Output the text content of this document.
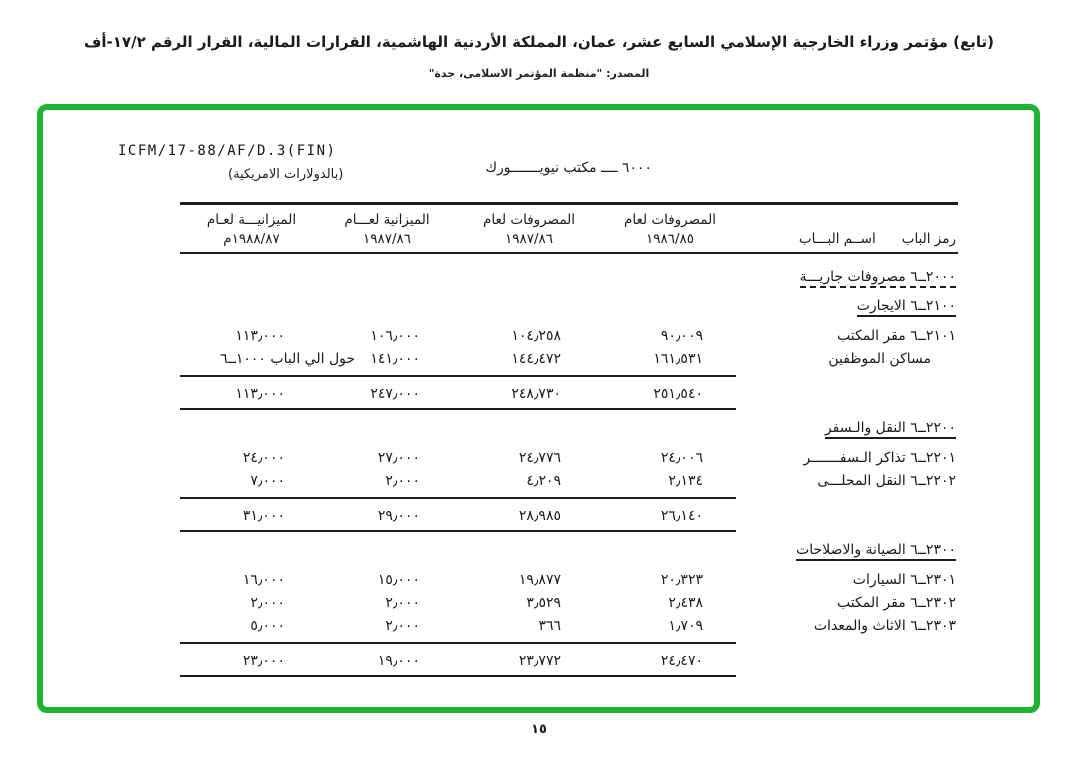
(تابع) مؤتمر وزراء الخارجية الإسلامي السابع عشر، عمان، المملكة الأردنية الهاشمية، القرارات المالية، القرار الرقم ١٧/٢-أف
المصدر: "منظمة المؤتمر الاسلامى، جدة"
ICFM/17-88/AF/D.3(FIN)
(بالدولارات الامريكية)	٦٠٠٠ ــــ مكتب نيويـــــــورك
رمز الباب
اســم البـــاب
المصروفات لعام
١٩٨٦/٨٥
المصروفات لعام
١٩٨٧/٨٦
الميزانية لعـــام
١٩٨٧/٨٦
الميزانيـــة لعـام
١٩٨٨/٨٧م
٢٠٠٠ــ٦ مصروفات جاريـــة
٢١٠٠ــ٦ الايجارت
٢١٠١ــ٦ مقر المكتب
٩٠٫٠٠٩
١٠٤٫٢٥٨
١٠٦٫٠٠٠
١١٣٫٠٠٠
مساكن الموظفين
١٦١٫٥٣١
١٤٤٫٤٧٢
١٤١٫٠٠٠
حول الي الباب ١٠٠٠ــ٦
٢٥١٫٥٤٠
٢٤٨٫٧٣٠
٢٤٧٫٠٠٠
١١٣٫٠٠٠
٢٢٠٠ــ٦ النقل والـسفر
٢٢٠١ــ٦ تذاكر الـسفـــــــر
٢٤٫٠٠٦
٢٤٫٧٧٦
٢٧٫٠٠٠
٢٤٫٠٠٠
٢٢٠٢ــ٦ النقل المحلـــى
٢٫١٣٤
٤٫٢٠٩
٢٫٠٠٠
٧٫٠٠٠
٢٦٫١٤٠
٢٨٫٩٨٥
٢٩٫٠٠٠
٣١٫٠٠٠
٢٣٠٠ــ٦ الصيانة والاصلاحات
٢٣٠١ــ٦ السيارات
٢٠٫٣٢٣
١٩٫٨٧٧
١٥٫٠٠٠
١٦٫٠٠٠
٢٣٠٢ــ٦ مقر المكتب
٢٫٤٣٨
٣٫٥٢٩
٢٫٠٠٠
٢٫٠٠٠
٢٣٠٣ــ٦ الاثاث والمعدات
١٫٧٠٩
٣٦٦
٢٫٠٠٠
٥٫٠٠٠
٢٤٫٤٧٠
٢٣٫٧٧٢
١٩٫٠٠٠
٢٣٫٠٠٠
١٥
